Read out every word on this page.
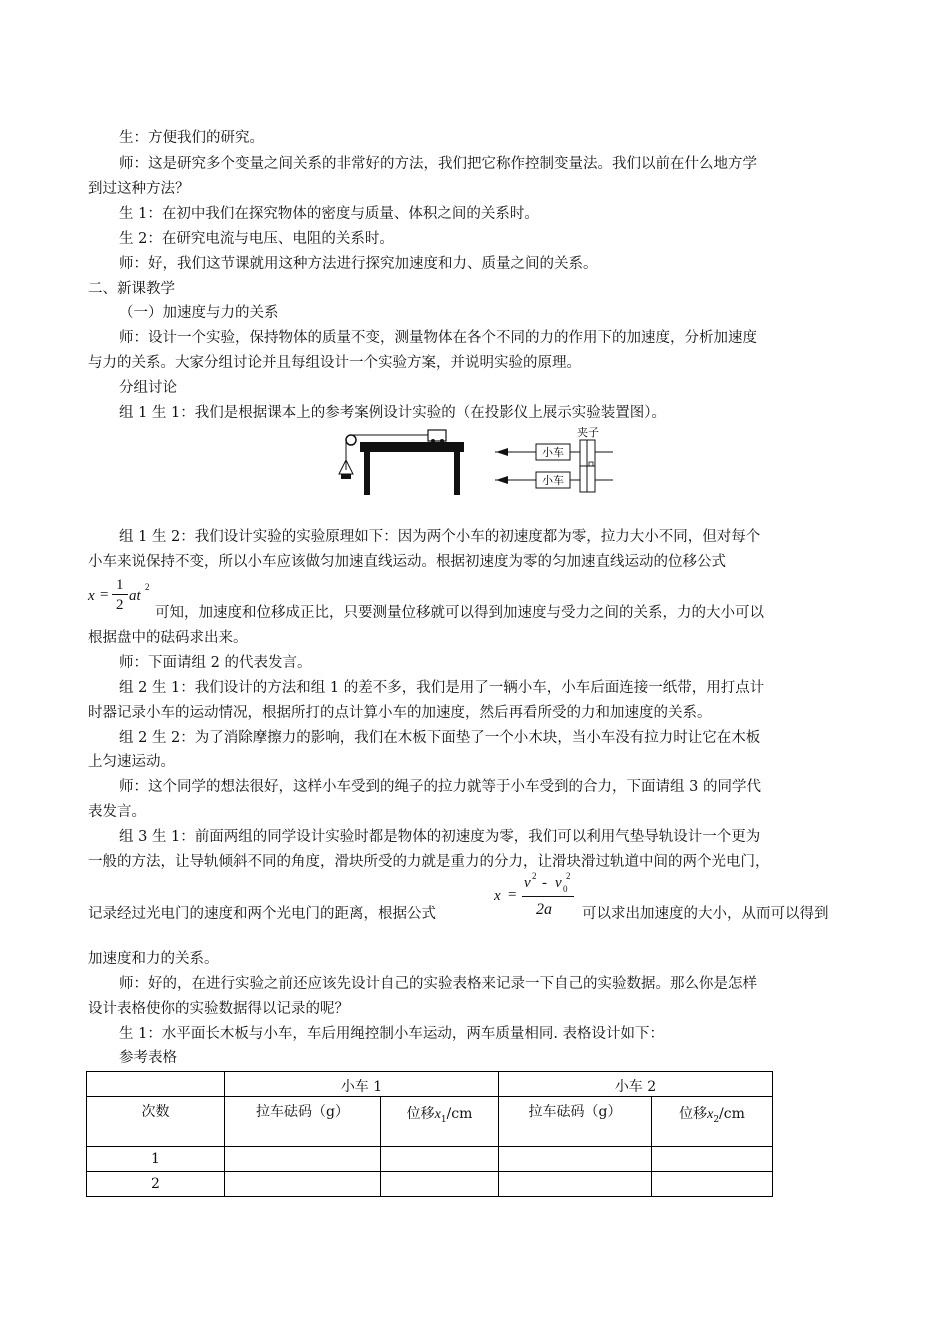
生：方便我们的研究。
师：这是研究多个变量之间关系的非常好的方法，我们把它称作控制变量法。我们以前在什么地方学
到过这种方法？
生 1：在初中我们在探究物体的密度与质量、体积之间的关系时。
生 2：在研究电流与电压、电阻的关系时。
师：好，我们这节课就用这种方法进行探究加速度和力、质量之间的关系。
二、新课教学
（一）加速度与力的关系
师：设计一个实验，保持物体的质量不变，测量物体在各个不同的力的作用下的加速度，分析加速度
与力的关系。大家分组讨论并且每组设计一个实验方案，并说明实验的原理。
分组讨论
组 1 生 1：我们是根据课本上的参考案例设计实验的（在投影仪上展示实验装置图）。
小车
小车
夹子
组 1 生 2：我们设计实验的实验原理如下：因为两个小车的初速度都为零，拉力大小不同，但对每个
小车来说保持不变，所以小车应该做匀加速直线运动。根据初速度为零的匀加速直线运动的位移公式
x =
1
2
at
2
可知，加速度和位移成正比，只要测量位移就可以得到加速度与受力之间的关系，力的大小可以
根据盘中的砝码求出来。
师：下面请组 2 的代表发言。
组 2 生 1：我们设计的方法和组 1 的差不多，我们是用了一辆小车，小车后面连接一纸带，用打点计
时器记录小车的运动情况，根据所打的点计算小车的加速度，然后再看所受的力和加速度的关系。
组 2 生 2：为了消除摩擦力的影响，我们在木板下面垫了一个小木块，当小车没有拉力时让它在木板
上匀速运动。
师：这个同学的想法很好，这样小车受到的绳子的拉力就等于小车受到的合力，下面请组 3 的同学代
表发言。
组 3 生 1：前面两组的同学设计实验时都是物体的初速度为零，我们可以利用气垫导轨设计一个更为
一般的方法，让导轨倾斜不同的角度，滑块所受的力就是重力的分力，让滑块滑过轨道中间的两个光电门，
记录经过光电门的速度和两个光电门的距离，根据公式
x =
v 2 - v 0
2
2a 可以求出加速度的大小，从而可以得到
加速度和力的关系。
师：好的，在进行实验之前还应该先设计自己的实验表格来记录一下自己的实验数据。那么你是怎样
设计表格使你的实验数据得以记录的呢？
生 1：水平面长木板与小车，车后用绳控制小车运动，两车质量相同. 表格设计如下：
参考表格
	小车 1		小车 2	
次数	拉车砝码（g）	位移$x_1/cm$	拉车砝码（g）	位移$x_2/cm$
1				
2				
